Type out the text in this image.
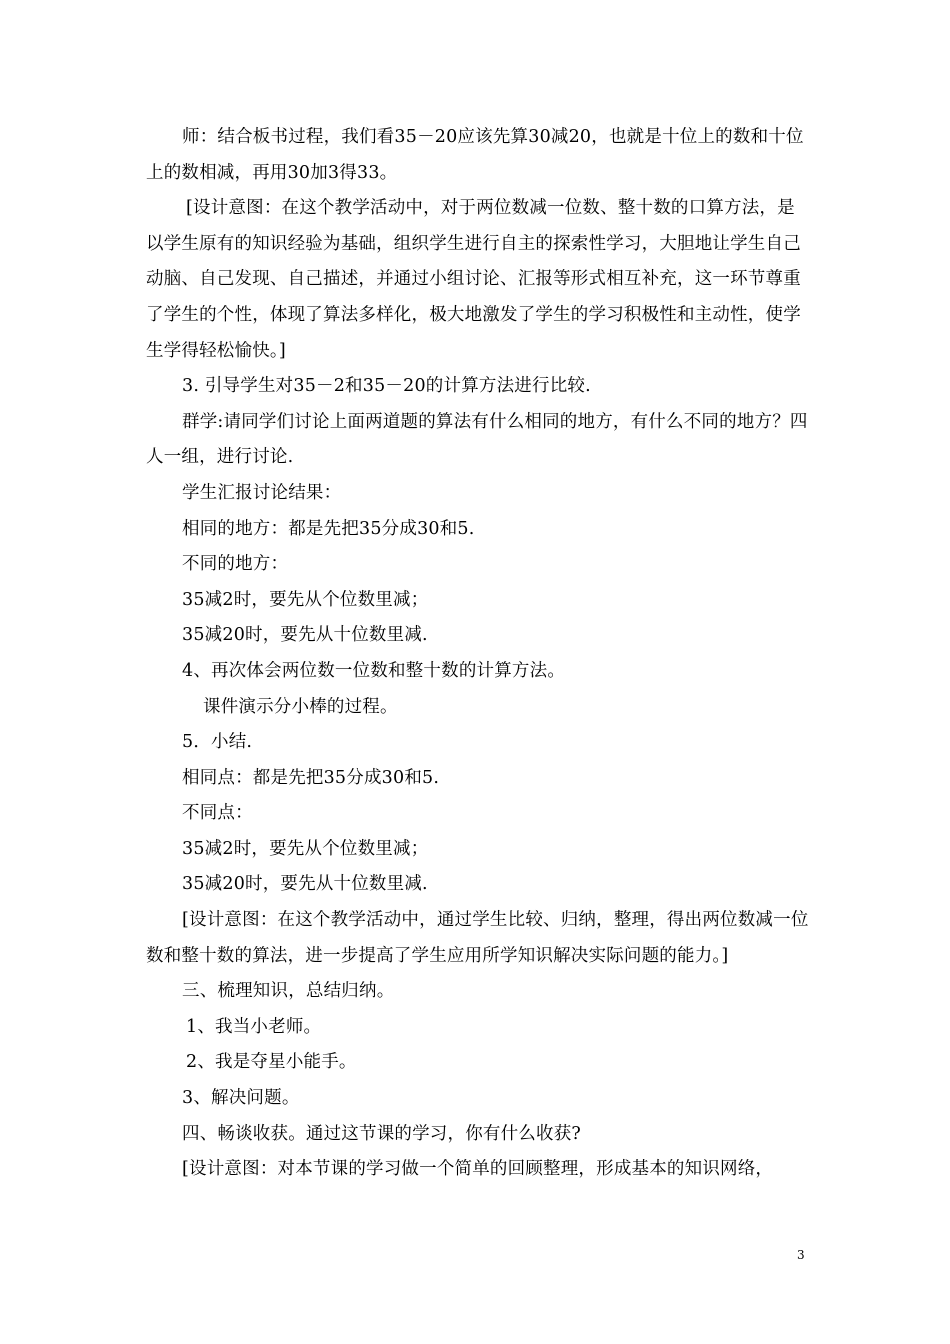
师：结合板书过程，我们看35－20应该先算30减20，也就是十位上的数和十位上的数相减，再用30加3得33。

[设计意图：在这个教学活动中，对于两位数减一位数、整十数的口算方法，是以学生原有的知识经验为基础，组织学生进行自主的探索性学习，大胆地让学生自己动脑、自己发现、自己描述，并通过小组讨论、汇报等形式相互补充，这一环节尊重了学生的个性，体现了算法多样化，极大地激发了学生的学习积极性和主动性，使学生学得轻松愉快。]

3. 引导学生对35－2和35－20的计算方法进行比较.

群学:请同学们讨论上面两道题的算法有什么相同的地方，有什么不同的地方？四人一组，进行讨论.

学生汇报讨论结果：

相同的地方：都是先把35分成30和5.

不同的地方：

35减2时，要先从个位数里减；

35减20时，要先从十位数里减.

4、再次体会两位数一位数和整十数的计算方法。

课件演示分小棒的过程。

5．小结.

相同点：都是先把35分成30和5.

不同点：

35减2时，要先从个位数里减；

35减20时，要先从十位数里减.

[设计意图：在这个教学活动中，通过学生比较、归纳，整理，得出两位数减一位数和整十数的算法，进一步提高了学生应用所学知识解决实际问题的能力。]

三、梳理知识，总结归纳。

1、我当小老师。

2、我是夺星小能手。

3、解决问题。

四、畅谈收获。通过这节课的学习，你有什么收获?

[设计意图：对本节课的学习做一个简单的回顾整理，形成基本的知识网络，

3
